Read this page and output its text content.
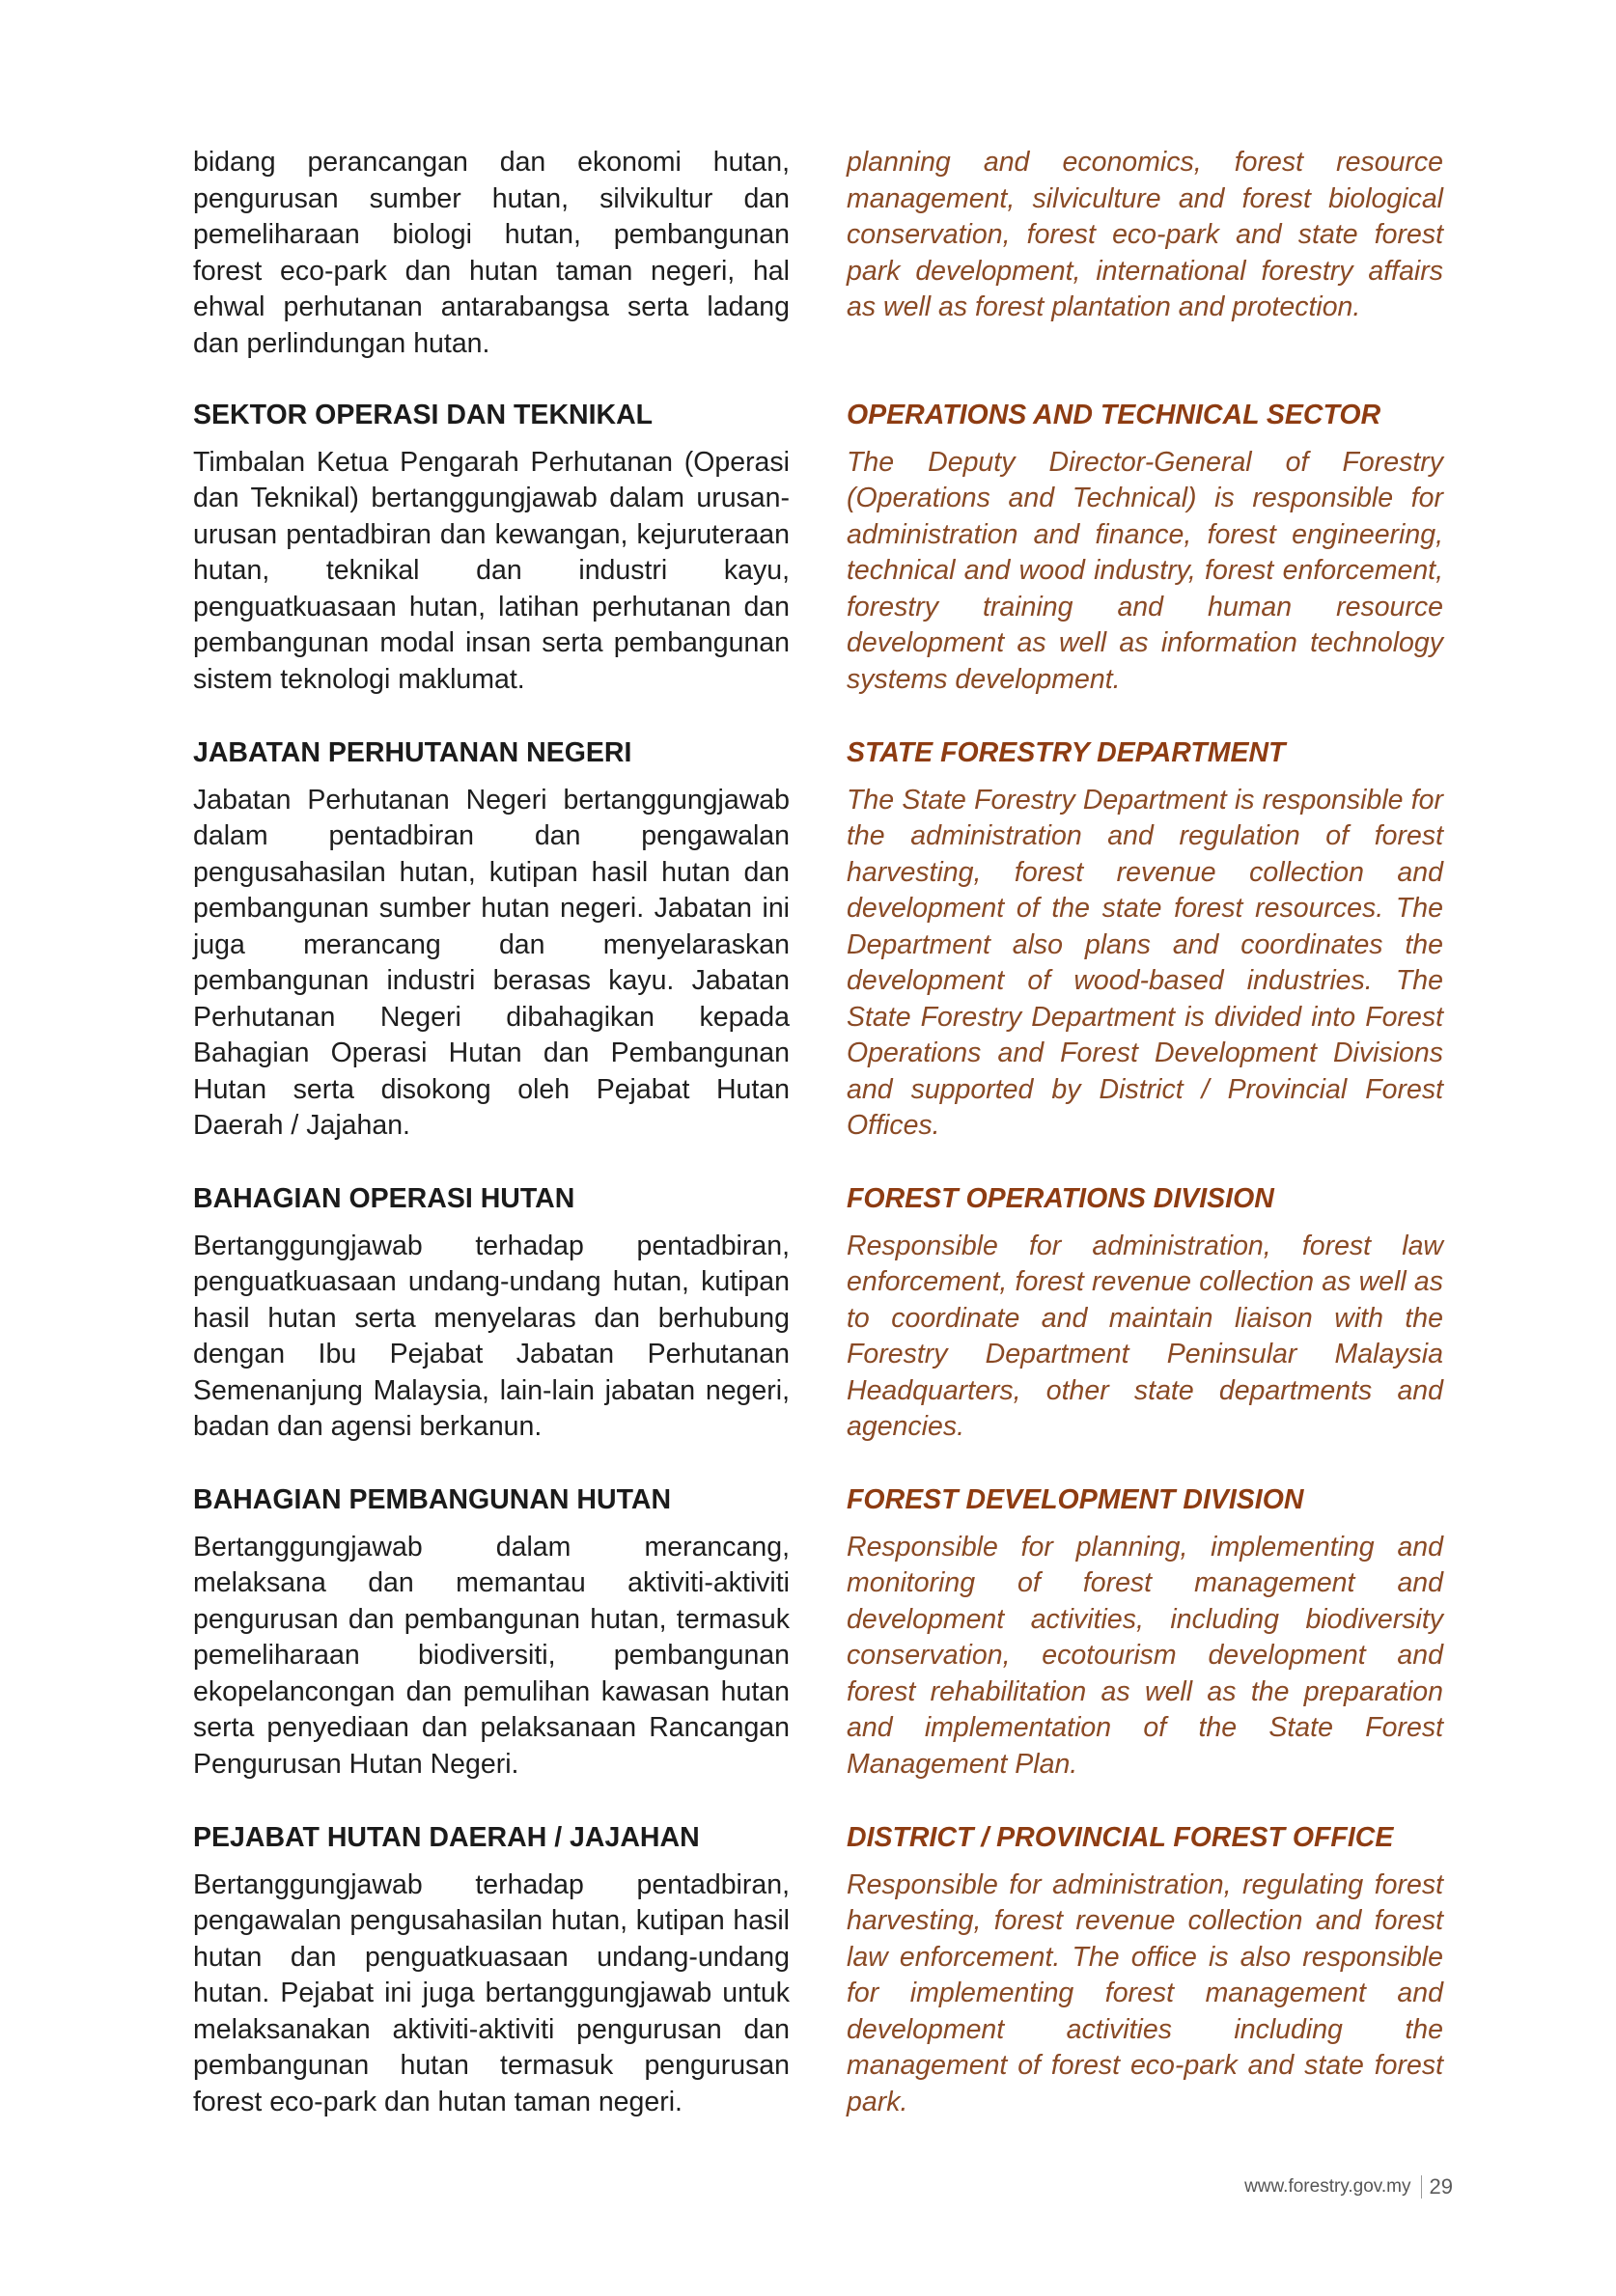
bidang perancangan dan ekonomi hutan, pengurusan sumber hutan, silvikultur dan pemeliharaan biologi hutan, pembangunan forest eco-park dan hutan taman negeri, hal ehwal perhutanan antarabangsa serta ladang dan perlindungan hutan.

SEKTOR OPERASI DAN TEKNIKAL

Timbalan Ketua Pengarah Perhutanan (Operasi dan Teknikal) bertanggungjawab dalam urusan-urusan pentadbiran dan kewangan, kejuruteraan hutan, teknikal dan industri kayu, penguatkuasaan hutan, latihan perhutanan dan pembangunan modal insan serta pembangunan sistem teknologi maklumat.

JABATAN PERHUTANAN NEGERI

Jabatan Perhutanan Negeri bertanggungjawab dalam pentadbiran dan pengawalan pengusahasilan hutan, kutipan hasil hutan dan pembangunan sumber hutan negeri. Jabatan ini juga merancang dan menyelaraskan pembangunan industri berasas kayu. Jabatan Perhutanan Negeri dibahagikan kepada Bahagian Operasi Hutan dan Pembangunan Hutan serta disokong oleh Pejabat Hutan Daerah / Jajahan.

BAHAGIAN OPERASI HUTAN

Bertanggungjawab terhadap pentadbiran, penguatkuasaan undang-undang hutan, kutipan hasil hutan serta menyelaras dan berhubung dengan Ibu Pejabat Jabatan Perhutanan Semenanjung Malaysia, lain-lain jabatan negeri, badan dan agensi berkanun.

BAHAGIAN PEMBANGUNAN HUTAN

Bertanggungjawab dalam merancang, melaksana dan memantau aktiviti-aktiviti pengurusan dan pembangunan hutan, termasuk pemeliharaan biodiversiti, pembangunan ekopelancongan dan pemulihan kawasan hutan serta penyediaan dan pelaksanaan Rancangan Pengurusan Hutan Negeri.

PEJABAT HUTAN DAERAH / JAJAHAN

Bertanggungjawab terhadap pentadbiran, pengawalan pengusahasilan hutan, kutipan hasil hutan dan penguatkuasaan undang-undang hutan. Pejabat ini juga bertanggungjawab untuk melaksanakan aktiviti-aktiviti pengurusan dan pembangunan hutan termasuk pengurusan forest eco-park dan hutan taman negeri.

planning and economics, forest resource management, silviculture and forest biological conservation, forest eco-park and state forest park development, international forestry affairs as well as forest plantation and protection.

OPERATIONS AND TECHNICAL SECTOR

The Deputy Director-General of Forestry (Operations and Technical) is responsible for administration and finance, forest engineering, technical and wood industry, forest enforcement, forestry training and human resource development as well as information technology systems development.

STATE FORESTRY DEPARTMENT

The State Forestry Department is responsible for the administration and regulation of forest harvesting, forest revenue collection and development of the state forest resources. The Department also plans and coordinates the development of wood-based industries. The State Forestry Department is divided into Forest Operations and Forest Development Divisions and supported by District / Provincial Forest Offices.

FOREST OPERATIONS DIVISION

Responsible for administration, forest law enforcement, forest revenue collection as well as to coordinate and maintain liaison with the Forestry Department Peninsular Malaysia Headquarters, other state departments and agencies.

FOREST DEVELOPMENT DIVISION

Responsible for planning, implementing and monitoring of forest management and development activities, including biodiversity conservation, ecotourism development and forest rehabilitation as well as the preparation and implementation of the State Forest Management Plan.

DISTRICT / PROVINCIAL FOREST OFFICE

Responsible for administration, regulating forest harvesting, forest revenue collection and forest law enforcement. The office is also responsible for implementing forest management and development activities including the management of forest eco-park and state forest park.

www.forestry.gov.my 29
